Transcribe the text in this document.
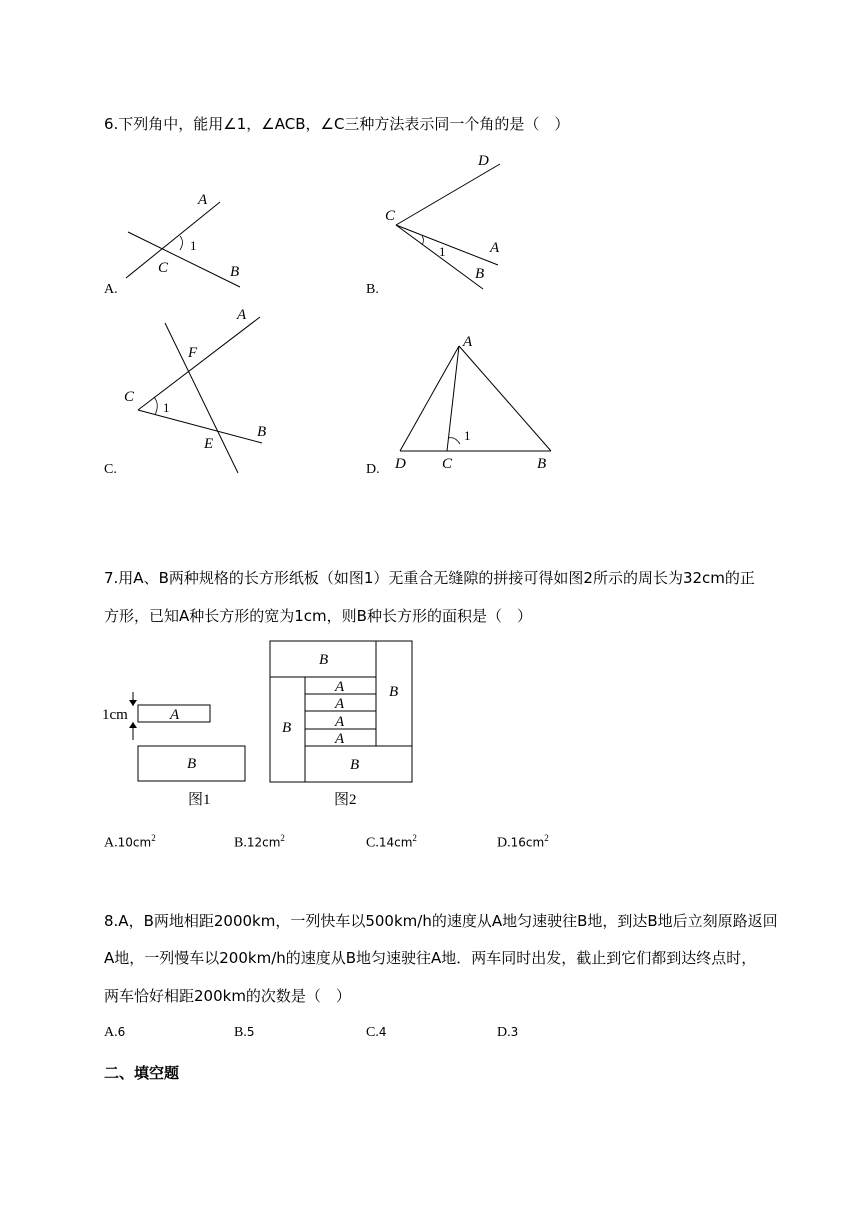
6.下列角中，能用∠1，∠ACB，∠C三种方法表示同一个角的是（　）
A
C	B
1
A.
D
C
A
B
1
B.
A
F
C
1
B
E
C.
A
1
D C	B
D.
7.用A、B两种规格的长方形纸板（如图1）无重合无缝隙的拼接可得如图2所示的周长为32cm的正
方形，已知A种长方形的宽为1cm，则B种长方形的面积是（　）
1cm	A
B
图1
B
B
B
B
A
A
A
A
图2
$A.10cm^2$	$B.12cm^2$	$C.14cm^2$	$D.16cm^2$
8.A，B两地相距2000km，一列快车以500km/h的速度从A地匀速驶往B地，到达B地后立刻原路返回
A地，一列慢车以200km/h的速度从B地匀速驶往A地．两车同时出发，截止到它们都到达终点时，
两车恰好相距200km的次数是（　）
A.6	B.5	C.4	D.3
二、填空题
